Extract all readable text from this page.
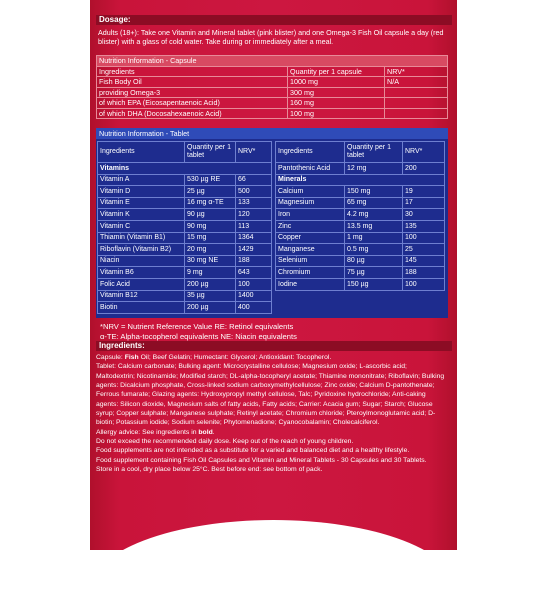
Dosage:
Adults (18+): Take one Vitamin and Mineral tablet (pink blister) and one Omega-3 Fish Oil capsule a day (red blister) with a glass of cold water. Take during or immediately after a meal.
Nutrition Information - Capsule		
Ingredients	Quantity per 1 capsule	NRV*
Fish Body Oil	1000 mg	N/A
providing Omega-3	300 mg	
of which EPA (Eicosapentaenoic Acid)	160 mg	
of which DHA (Docosahexaenoic Acid)	100 mg	
Nutrition Information - Tablet
Ingredients	Quantity per 1 tablet	NRV*
Vitamins		
Vitamin A	530 µg RE	66
Vitamin D	25 µg	500
Vitamin E	16 mg α-TE	133
Vitamin K	90 µg	120
Vitamin C	90 mg	113
Thiamin (Vitamin B1)	15 mg	1364
Riboflavin (Vitamin B2)	20 mg	1429
Niacin	30 mg NE	188
Vitamin B6	9 mg	643
Folic Acid	200 µg	100
Vitamin B12	35 µg	1400
Biotin	200 µg	400
Ingredients	Quantity per 1 tablet	NRV*
Pantothenic Acid	12 mg	200
Minerals		
Calcium	150 mg	19
Magnesium	65 mg	17
Iron	4.2 mg	30
Zinc	13.5 mg	135
Copper	1 mg	100
Manganese	0.5 mg	25
Selenium	80 µg	145
Chromium	75 µg	188
Iodine	150 µg	100
*NRV = Nutrient Reference Value RE: Retinol equivalents
α-TE: Alpha-tocopherol equivalents NE: Niacin equivalents
Ingredients:
Capsule: Fish Oil; Beef Gelatin; Humectant: Glycerol; Antioxidant: Tocopherol.
Tablet: Calcium carbonate; Bulking agent: Microcrystalline cellulose; Magnesium oxide; L-ascorbic acid; Maltodextrin; Nicotinamide; Modified starch; DL-alpha-tocopheryl acetate; Thiamine mononitrate; Riboflavin; Bulking agents: Dicalcium phosphate, Cross-linked sodium carboxymethylcellulose; Zinc oxide; Calcium D-pantothenate; Ferrous fumarate; Glazing agents: Hydroxypropyl methyl cellulose, Talc; Pyridoxine hydrochloride; Anti-caking agents: Silicon dioxide, Magnesium salts of fatty acids, Fatty acids; Carrier: Acacia gum; Sugar; Starch; Glucose syrup; Copper sulphate; Manganese sulphate; Retinyl acetate; Chromium chloride; Pteroylmonoglutamic acid; D-biotin; Potassium iodide; Sodium selenite; Phytomenadione; Cyanocobalamin; Cholecalciferol.
Allergy advice: See ingredients in bold.
Do not exceed the recommended daily dose. Keep out of the reach of young children.
Food supplements are not intended as a substitute for a varied and balanced diet and a healthy lifestyle.
Food supplement containing Fish Oil Capsules and Vitamin and Mineral Tablets - 30 Capsules and 30 Tablets.
Store in a cool, dry place below 25°C. Best before end: see bottom of pack.
